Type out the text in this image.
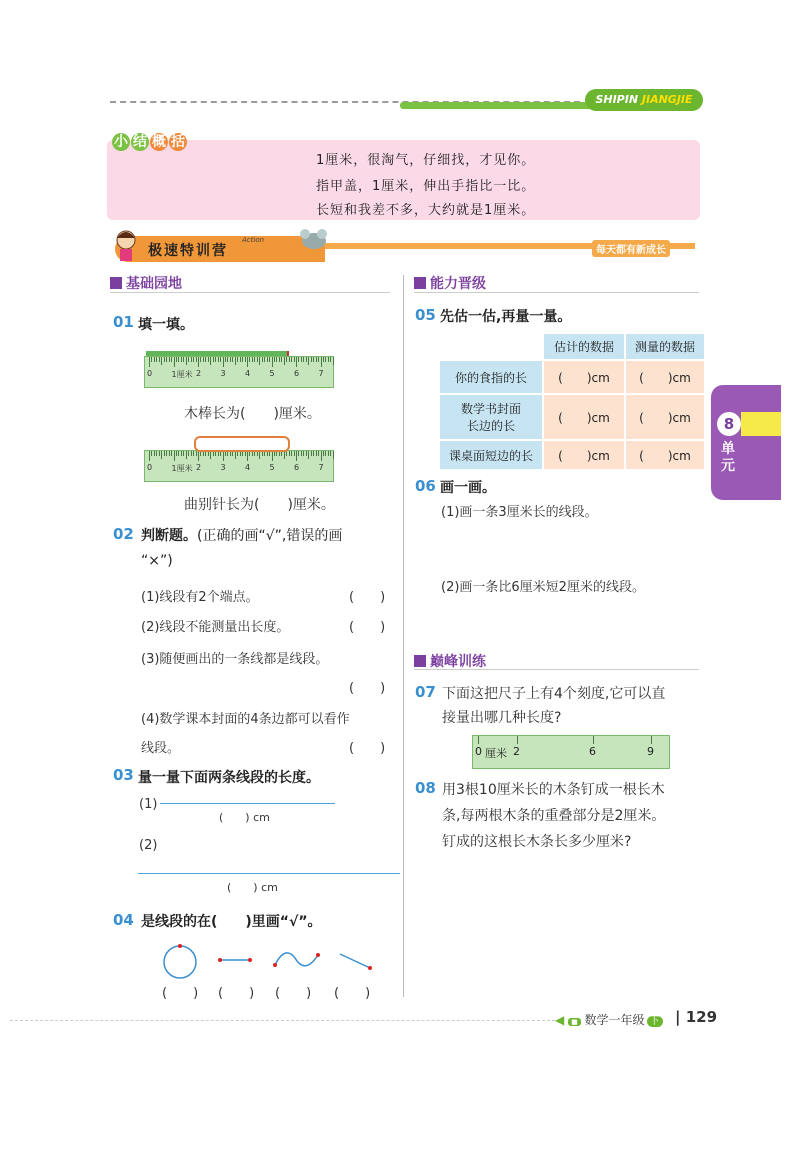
SHIPIN JIANGJIE
小 结 概 括
1厘米，很淘气，仔细找，才见你。
指甲盖，1厘米，伸出手指比一比。
长短和我差不多，大约就是1厘米。
极速特训营
Action
每天都有新成长
基础园地
01 填一填。
0 1厘米 2 3 4 5 6 7
木棒长为(　　)厘米。
0 1厘米 2 3 4 5 6 7
曲别针长为(　　)厘米。
02 判断题。(正确的画“√”,错误的画
“×”)
(1)线段有2个端点。	(　　)
(2)线段不能测量出长度。	(　　)
(3)随便画出的一条线都是线段。
(　　)
(4)数学课本封面的4条边都可以看作
线段。	(　　)
03 量一量下面两条线段的长度。
(1)
(　　) cm
(2)
(　　) cm
04 是线段的在(　　)里画“√”。
(　　) (　　) (　　) (　　)
能力晋级
05 先估一估,再量一量。
	估计的数据	测量的数据
你的食指的长	(　　)cm	(　　)cm

数学书封面
长边的长	(　　)cm	(　　)cm
课桌面短边的长	(　　)cm	(　　)cm
06 画一画。
(1)画一条3厘米长的线段。
(2)画一条比6厘米短2厘米的线段。
巅峰训练
07 下面这把尺子上有4个刻度,它可以直
接量出哪几种长度?
0 厘米 2	6	9
08 用3根10厘米长的木条钉成一根长木
条,每两根木条的重叠部分是2厘米。
钉成的这根长木条长多少厘米?
8
单元
◀ ■ 数学一年级 下 | 129
